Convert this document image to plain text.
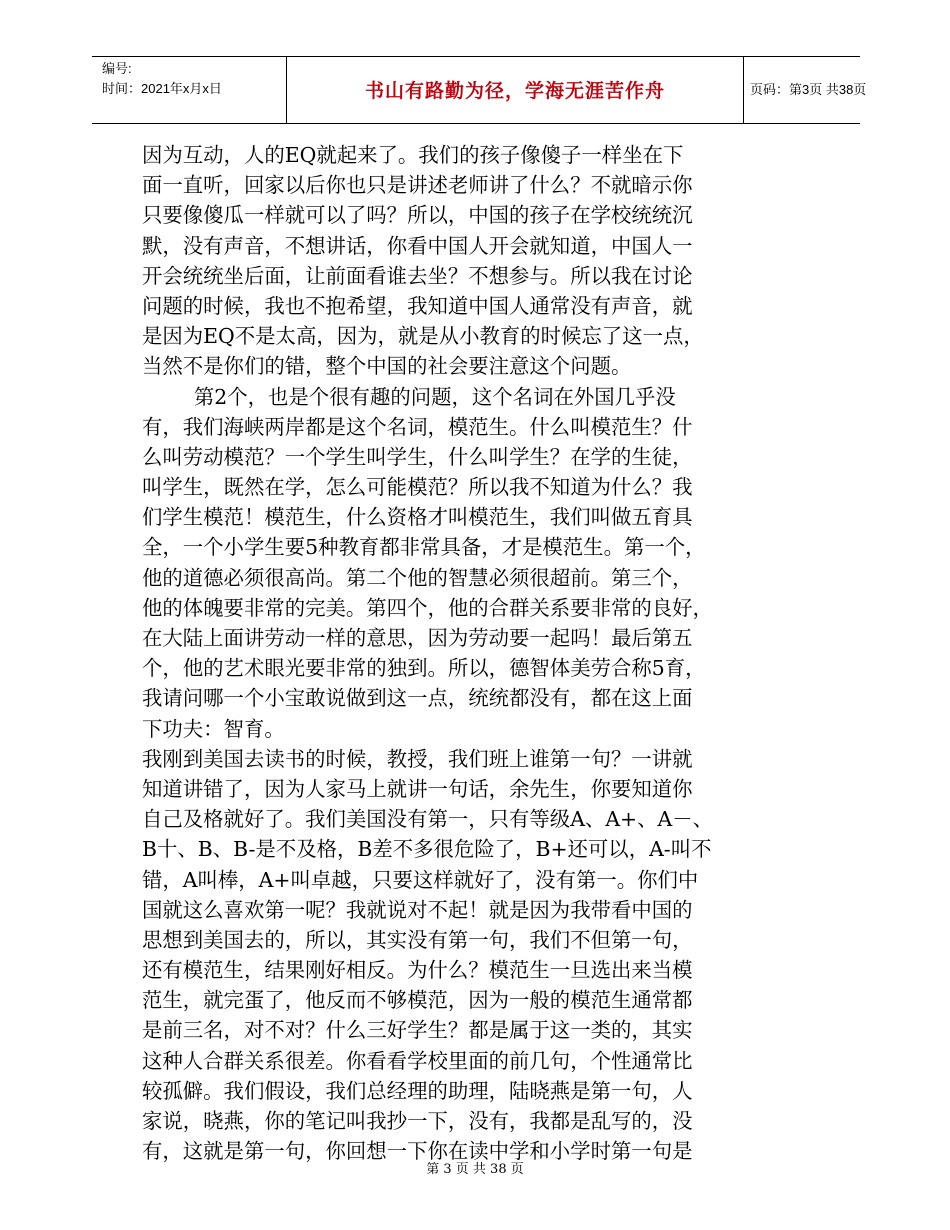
编号:
时间：2021年x月x日	书山有路勤为径，学海无涯苦作舟	页码：第3页 共38页
因为互动，人的EQ就起来了。我们的孩子像傻子一样坐在下
面一直听，回家以后你也只是讲述老师讲了什么？不就暗示你
只要像傻瓜一样就可以了吗？所以，中国的孩子在学校统统沉
默，没有声音，不想讲话，你看中国人开会就知道，中国人一
开会统统坐后面，让前面看谁去坐？不想参与。所以我在讨论
问题的时候，我也不抱希望，我知道中国人通常没有声音，就
是因为EQ不是太高，因为，就是从小教育的时候忘了这一点，
当然不是你们的错，整个中国的社会要注意这个问题。
第2个，也是个很有趣的问题，这个名词在外国几乎没
有，我们海峡两岸都是这个名词，模范生。什么叫模范生？什
么叫劳动模范？一个学生叫学生，什么叫学生？在学的生徒，
叫学生，既然在学，怎么可能模范？所以我不知道为什么？我
们学生模范！模范生，什么资格才叫模范生，我们叫做五育具
全，一个小学生要5种教育都非常具备，才是模范生。第一个，
他的道德必须很高尚。第二个他的智慧必须很超前。第三个，
他的体魄要非常的完美。第四个，他的合群关系要非常的良好，
在大陆上面讲劳动一样的意思，因为劳动要一起吗！最后第五
个，他的艺术眼光要非常的独到。所以，德智体美劳合称5育，
我请问哪一个小宝敢说做到这一点，统统都没有，都在这上面
下功夫：智育。
我刚到美国去读书的时候，教授，我们班上谁第一句？一讲就
知道讲错了，因为人家马上就讲一句话，余先生，你要知道你
自己及格就好了。我们美国没有第一，只有等级A、A+、A－、
B十、B、B-是不及格，B差不多很危险了，B+还可以，A-叫不
错，A叫棒，A+叫卓越，只要这样就好了，没有第一。你们中
国就这么喜欢第一呢？我就说对不起！就是因为我带看中国的
思想到美国去的，所以，其实没有第一句，我们不但第一句，
还有模范生，结果刚好相反。为什么？模范生一旦选出来当模
范生，就完蛋了，他反而不够模范，因为一般的模范生通常都
是前三名，对不对？什么三好学生？都是属于这一类的，其实
这种人合群关系很差。你看看学校里面的前几句，个性通常比
较孤僻。我们假设，我们总经理的助理，陆晓燕是第一句，人
家说，晓燕，你的笔记叫我抄一下，没有，我都是乱写的，没
有，这就是第一句，你回想一下你在读中学和小学时第一句是
第 3 页 共 38 页
